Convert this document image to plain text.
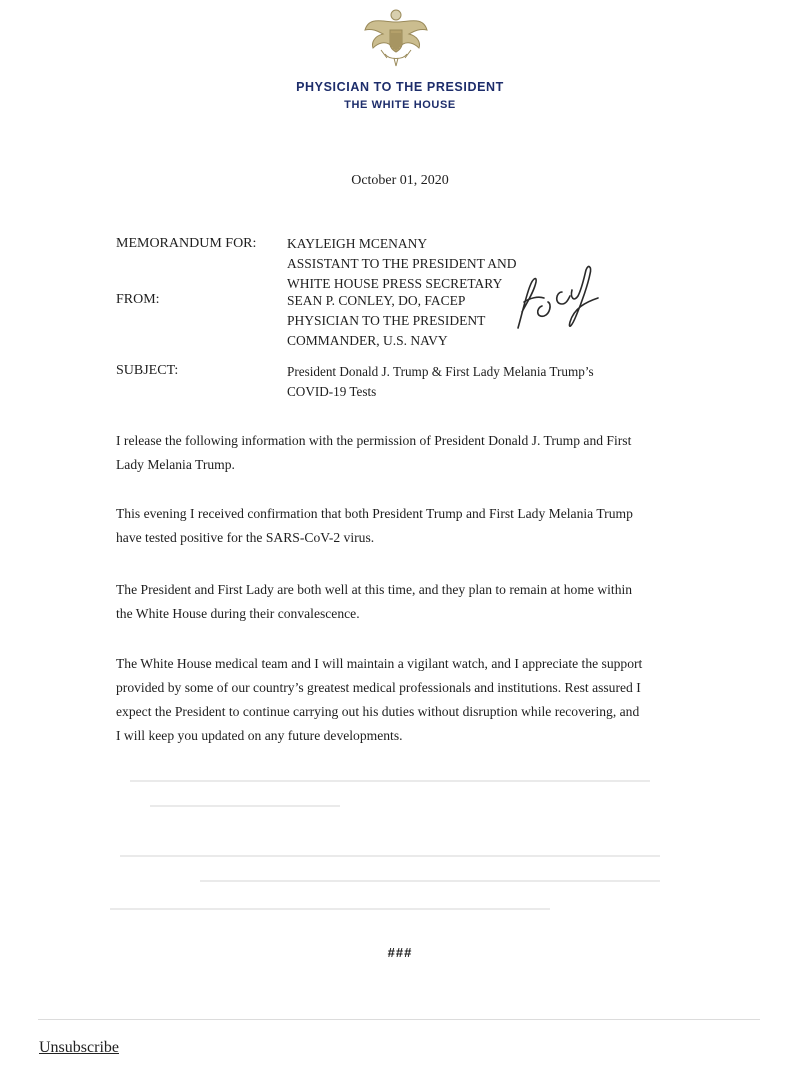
PHYSICIAN TO THE PRESIDENT
THE WHITE HOUSE
October 01, 2020
MEMORANDUM FOR: KAYLEIGH MCENANY
ASSISTANT TO THE PRESIDENT AND
WHITE HOUSE PRESS SECRETARY
FROM:	SEAN P. CONLEY, DO, FACEP
PHYSICIAN TO THE PRESIDENT
COMMANDER, U.S. NAVY
SUBJECT:	President Donald J. Trump & First Lady Melania Trump’s
COVID-19 Tests
I release the following information with the permission of President Donald J. Trump and First
Lady Melania Trump.
This evening I received confirmation that both President Trump and First Lady Melania Trump
have tested positive for the SARS-CoV-2 virus.
The President and First Lady are both well at this time, and they plan to remain at home within
the White House during their convalescence.
The White House medical team and I will maintain a vigilant watch, and I appreciate the support
provided by some of our country’s greatest medical professionals and institutions. Rest assured I
expect the President to continue carrying out his duties without disruption while recovering, and
I will keep you updated on any future developments.
###
Unsubscribe
